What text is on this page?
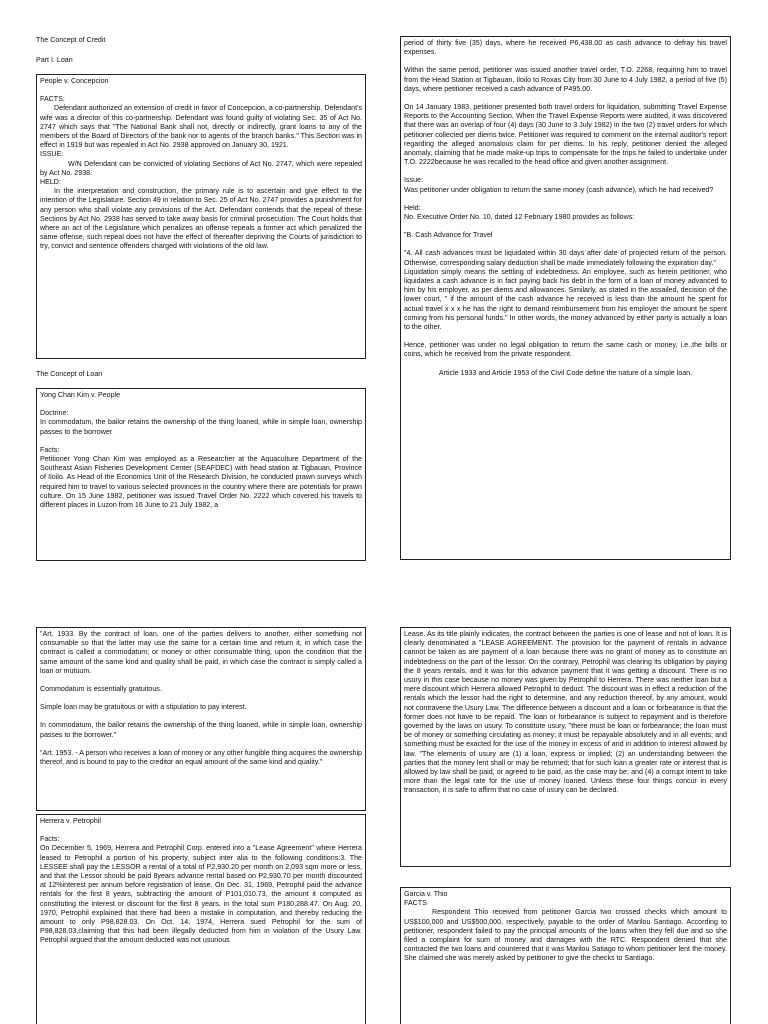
The Concept of Credit
Part I. Loan

People v. Concepcion

FACTS:

Defendant authorized an extension of credit in favor of Concepcion, a co-partnership. Defendant's wife was a director of this co-partnership. Defendant was found guilty of violating Sec. 35 of Act No. 2747 which says that "The National Bank shall not, directly or indirectly, grant loans to any of the members of the Board of Directors of the bank nor to agents of the branch banks." This Section was in effect in 1919 but was repealed in Act No. 2938 approved on January 30, 1921.

ISSUE:

W/N Defendant can be convicted of violating Sections of Act No. 2747, which were repealed by Act No. 2938.

HELD:

In the interpretation and construction, the primary rule is to ascertain and give effect to the intention of the Legislature. Section 49 in relation to Sec. 25 of Act No. 2747 provides a punishment for any person who shall violate any provisions of the Act. Defendant contends that the repeal of these Sections by Act No. 2938 has served to take away basis for criminal prosecution. The Court holds that where an act of the Legislature which penalizes an offense repeals a former act which penalized the same offense, such repeal does not have the effect of thereafter depriving the Courts of jurisdiction to try, convict and sentence offenders charged with violations of the old law.

The Concept of Loan

Yong Chan Kim v. People

Doctrine:

In commodatum, the bailor retains the ownership of the thing loaned, while in simple loan, ownership passes to the borrower

Facts:

Petitioner Yong Chan Kim was employed as a Researcher at the Aquaculture Department of the Southeast Asian Fisheries Development Center (SEAFDEC) with head station at Tigbauan, Province of Iloilo. As Head of the Economics Unit of the Research Division, he conducted prawn surveys which required him to travel to various selected provinces in the country where there are potentials for prawn culture. On 15 June 1982, petitioner was issued Travel Order No. 2222 which covered his travels to different places in Luzon from 16 June to 21 July 1982, a

period of thirty five (35) days, where he received P6,438.00 as cash advance to defray his travel expenses.

Within the same period, petitioner was issued another travel order, T.O. 2268, requiring him to travel from the Head Station at Tigbauan, Iloilo to Roxas City from 30 June to 4 July 1982, a period of five (5) days, where petitioner received a cash advance of P495.00.

On 14 January 1983, petitioner presented both travel orders for liquidation, submitting Travel Expense Reports to the Accounting Section. When the Travel Expense Reports were audited, it was discovered that there was an overlap of four (4) days (30 June to 3 July 1982) in the two (2) travel orders for which petitioner collected per diems twice. Petitioner was required to comment on the internal auditor's report regarding the alleged anomalous claim for per diems. In his reply, petitioner denied the alleged anomaly, claiming that he made make-up trips to compensate for the trips he failed to undertake under T.O. 2222because he was recalled to the head office and given another assignment.

Issue:

Was petitioner under obligation to return the same money (cash advance), which he had received?

Held:

No. Executive Order No. 10, dated 12 February 1980 provides as follows:

"B. Cash Advance for Travel

"4. All cash advances must be liquidated within 30 days after date of projected return of the person. Otherwise, corresponding salary deduction shall be made immediately following the expiration day."

Liquidation simply means the settling of indebtedness. An employee, such as herein petitioner, who liquidates a cash advance is in fact paying back his debt in the form of a loan of money advanced to him by his employer, as per diems and allowances. Similarly, as stated in the assailed, decision of the lower court, " if the amount of the cash advance he received is less than the amount he spent for actual travel x x x he has the right to demand reimbursement from his employer the amount he spent coming from his personal funds." In other words, the money advanced by either party is actually a loan to the other.

Hence, petitioner was under no legal obligation to return the same cash or money, i.e.,the bills or coins, which he received from the private respondent.

Article 1933 and Article 1953 of the Civil Code define the nature of a simple loan.

"Art. 1933. By the contract of loan, one of the parties delivers to another, either something not consumable so that the latter may use the same for a certain time and return it, in which case the contract is called a commodatum; or money or other consumable thing, upon the condition that the same amount of the same kind and quality shall be paid, in which case the contract is simply called a loan or mutuum.

Commodatum is essentially gratuitous.

Simple loan may be gratuitous or with a stipulation to pay interest.

In commodatum, the bailor retains the ownership of the thing loaned, while in simple loan, ownership passes to the borrower."

"Art. 1953. - A person who receives a loan of money or any other fungible thing acquires the ownership thereof, and is bound to pay to the creditor an equal amount of the same kind and quality."

Herrera v. Petrophil

Facts:

On December 5, 1969, Herrera and Petrophil Corp. entered into a "Lease Agreement" where Herrera leased to Petrophil a portion of his property, subject inter alia to the following conditions:3. The LESSEE shall pay the LESSOR a rental of a total of P2,930.20 per month on 2,093 sqm more or less, and that the Lessor should be paid 8years advance rental based on P2,930.70 per month discounted at 12%interest per annum before registration of lease. On Dec. 31, 1969, Petrophil paid the advance rentals for the first 8 years, subtracting the amount of P101,010.73, the amount it computed as constituting the interest or discount for the first 8 years, in the total sum P180,288.47. On Aug. 20, 1970, Petrophil explained that there had been a mistake in computation, and thereby reducing the amount to only P98,828.03. On Oct. 14, 1974, Herrera sued Petrophil for the sum of P98,828.03,claiming that this had been illegally deducted from him in violation of the Usury Law. Petrophil argued that the amount deducted was not usurious

Lease. As its title plainly indicates, the contract between the parties is one of lease and not of loan. It is clearly denominated a "LEASE AGREEMENT. The provision for the payment of rentals in advance cannot be taken as are payment of a loan because there was no grant of money as to constitute an indebtedness on the part of the lessor. On the contrary, Petrophil was clearing its obligation by paying the 8 years rentals, and it was for this advance payment that it was getting a discount. There is no usury in this case because no money was given by Petrophil to Herrera. There was neither loan but a mere discount which Herrera allowed Petrophil to deduct. The discount was in effect a reduction of the rentals which the lessor had the right to determine, and any reduction thereof, by any amount, would not contravene the Usury Law. The difference between a discount and a loan or forbearance is that the former does not have to be repaid. The loan or forbearance is subject to repayment and is therefore governed by the laws on usury. To constitute usury, "there must be loan or forbearance; the loan must be of money or something circulating as money; it must be repayable absolutely and in all events; and something must be exacted for the use of the money in excess of and in addition to interest allowed by law. "The elements of usury are (1) a loan, express or implied; (2) an understanding between the parties that the money lent shall or may be returned; that for such loan a greater rate or interest that is allowed by law shall be paid, or agreed to be paid, as the case may be; and (4) a corrupt intent to take more than the legal rate for the use of money loaned. Unless these four things concur in every transaction, it is safe to affirm that no case of usury can be declared.

Garcia v. Thio

FACTS

Respondent Thio received from petitioner Garcia two crossed checks which amount to US$100,000 and US$500,000, respectively, payable to the order of Marilou Santiago. According to petitioner, respondent failed to pay the principal amounts of the loans when they fell due and so she filed a complaint for sum of money and damages with the RTC. Respondent denied that she contracted the two loans and countered that it was Marilou Satiago to whom petitioner lent the money. She claimed she was merely asked by petitioner to give the checks to Santiago.
